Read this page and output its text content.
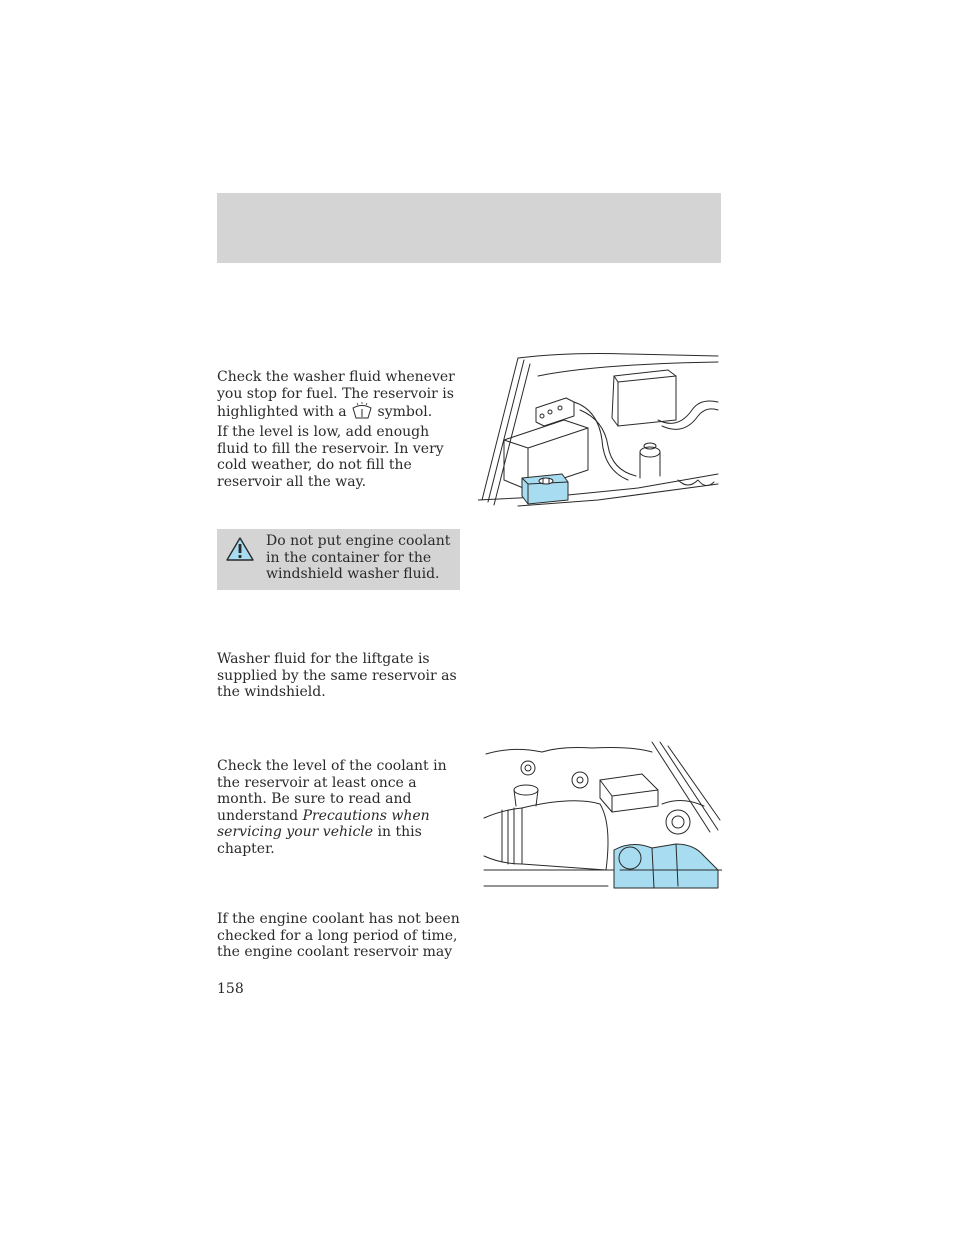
Check the washer fluid whenever you stop for fuel. The reservoir is highlighted with a symbol.

If the level is low, add enough fluid to fill the reservoir. In very cold weather, do not fill the reservoir all the way.

Do not put engine coolant in the container for the windshield washer fluid.

Washer fluid for the liftgate is supplied by the same reservoir as the windshield.

Check the level of the coolant in the reservoir at least once a month. Be sure to read and understand Precautions when servicing your vehicle in this chapter.

If the engine coolant has not been checked for a long period of time, the engine coolant reservoir may

158
